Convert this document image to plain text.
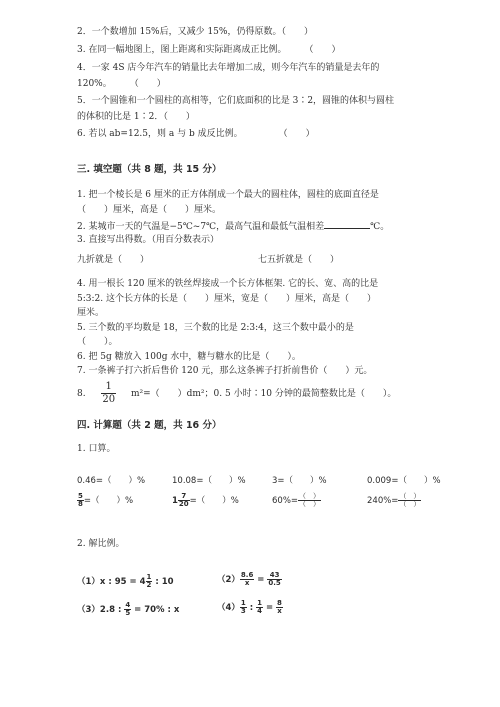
2．一个数增加 15%后，又减少 15%，仍得原数。（　　）
3. 在同一幅地图上，图上距离和实际距离成正比例。　　　（　　）
4．一家 4S 店今年汽车的销量比去年增加二成，则今年汽车的销量是去年的
120%。　　　（　　）
5．一个圆锥和一个圆柱的高相等，它们底面积的比是 3∶2，圆锥的体积与圆柱
的体积的比是 1∶2．（　　）
6. 若以 ab=12.5，则 a 与 b 成反比例。　　　　　（　　）
三. 填空题（共 8 题，共 15 分）
1. 把一个棱长是 6 厘米的正方体削成一个最大的圆柱体，圆柱的底面直径是
（　　）厘米，高是（　　）厘米。
2. 某城市一天的气温是−5℃~7℃，最高气温和最低气温相差	℃。
3. 直接写出得数。（用百分数表示）
九折就是（　　）	七五折就是（　　）
4. 用一根长 120 厘米的铁丝焊接成一个长方体框架. 它的长、宽、高的比是
5:3:2. 这个长方体的长是（　　）厘米，宽是（　　）厘米，高是（　　）
厘米。
5. 三个数的平均数是 18，三个数的比是 2:3:4，这三个数中最小的是
（　　）。
6. 把 5g 糖放入 100g 水中，糖与糖水的比是（　　）。
7. 一条裤子打六折后售价 120 元，那么这条裤子打折前售价（　　）元。
8. $\frac{1}{20} m^2=$（　　）dm²；0. 5 小时∶10 分钟的最简整数比是（　　）。
四. 计算题（共 2 题，共 16 分）
1. 口算。
0.46=（　　）%	10.08=（　　）%	3=（　　）%	0.009=（　　）%
$\frac{5}{8}$ =（　　）%	$1 \frac{7}{20}$ =（　　）%	$60\%= \frac{( )}{( )}$	$240\%= \frac{( )}{( )}$
2. 解比例。
（1）x : $95 = 4 \frac{1}{2}$ : 10	$(2) \frac{8.6}{x} = \frac{43}{0.5}$
（3）2.8 : $\frac{4}{5} = 70\%$ : x	$(4) \frac{1}{3}$ : $\frac{1}{4} = \frac{8}{x}$
